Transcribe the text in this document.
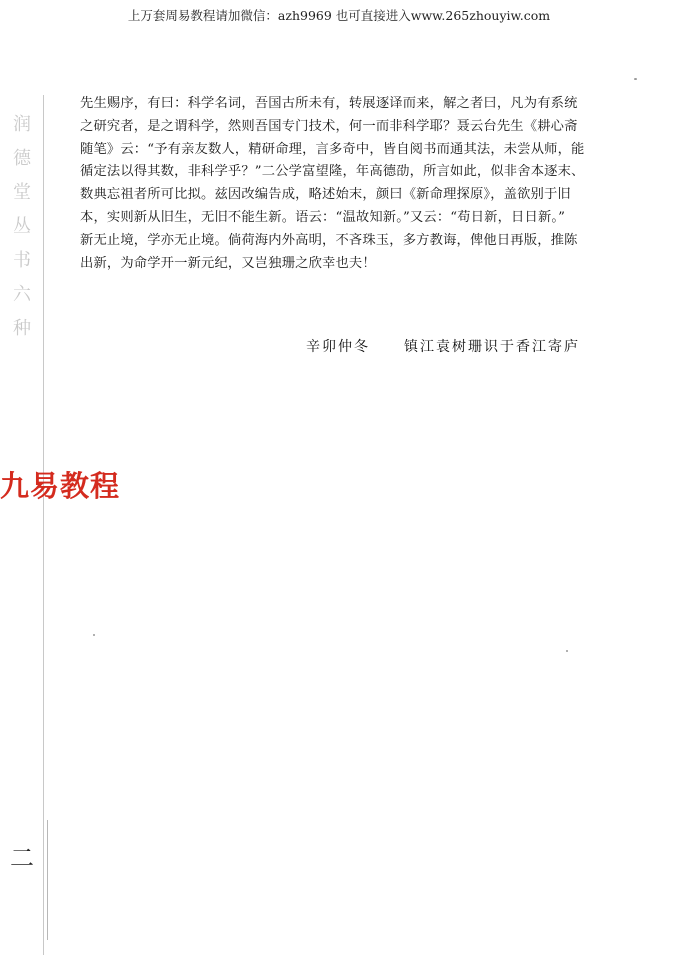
上万套周易教程请加微信：azh9969 也可直接进入www.265zhouyiw.com
润
德
堂
丛
书
六
种

先生赐序，有曰：科学名词，吾国古所未有，转展逐译而来，解之者曰，凡为有系统

之研究者，是之谓科学，然则吾国专门技术，何一而非科学耶？聂云台先生《耕心斋

随笔》云：“予有亲友数人，精研命理，言多奇中，皆自阅书而通其法，未尝从师，能

循定法以得其数，非科学乎？”二公学富望隆，年高德劭，所言如此，似非舍本逐末、

数典忘祖者所可比拟。兹因改编告成，略述始末，颜曰《新命理探原》，盖欲别于旧

本，实则新从旧生，无旧不能生新。语云：“温故知新。”又云：“苟日新，日日新。”

新无止境，学亦无止境。倘荷海内外高明，不吝珠玉，多方教诲，俾他日再版，推陈

出新，为命学开一新元纪，又岂独珊之欣幸也夫！

辛卯仲冬 镇江袁树珊识于香江寄庐
九易教程
二
